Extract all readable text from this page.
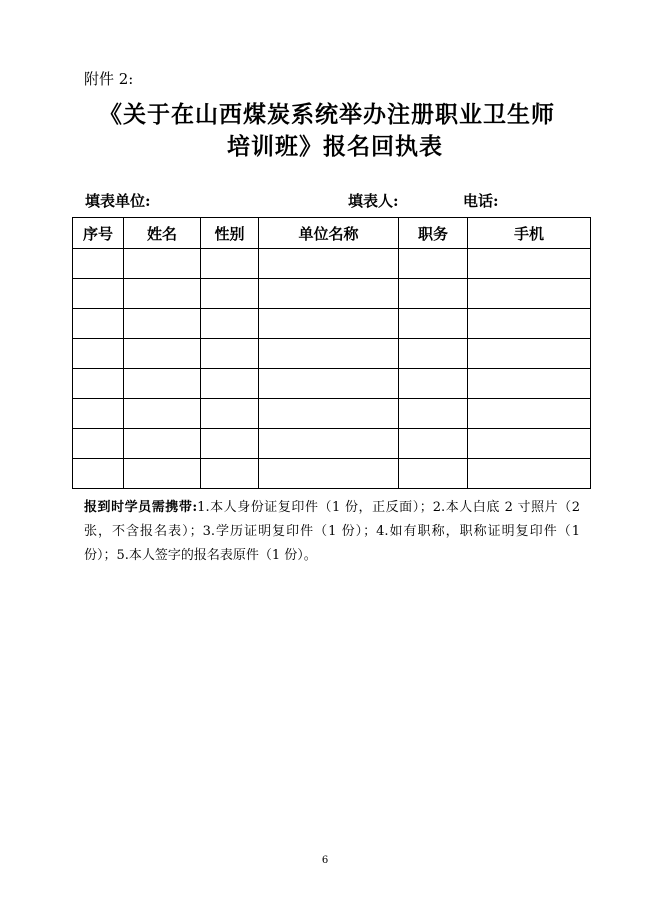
附件 2:
《关于在山西煤炭系统举办注册职业卫生师
培训班》报名回执表
填表单位:	填表人:	电话:
序号	姓名	性别	单位名称	职务	手机

报到时学员需携带:1.本人身份证复印件（1 份，正反面）；2.本人白底 2 寸照片（2 张，不含报名表）；3.学历证明复印件（1 份）；4.如有职称，职称证明复印件（1 份）；5.本人签字的报名表原件（1 份）。
6
